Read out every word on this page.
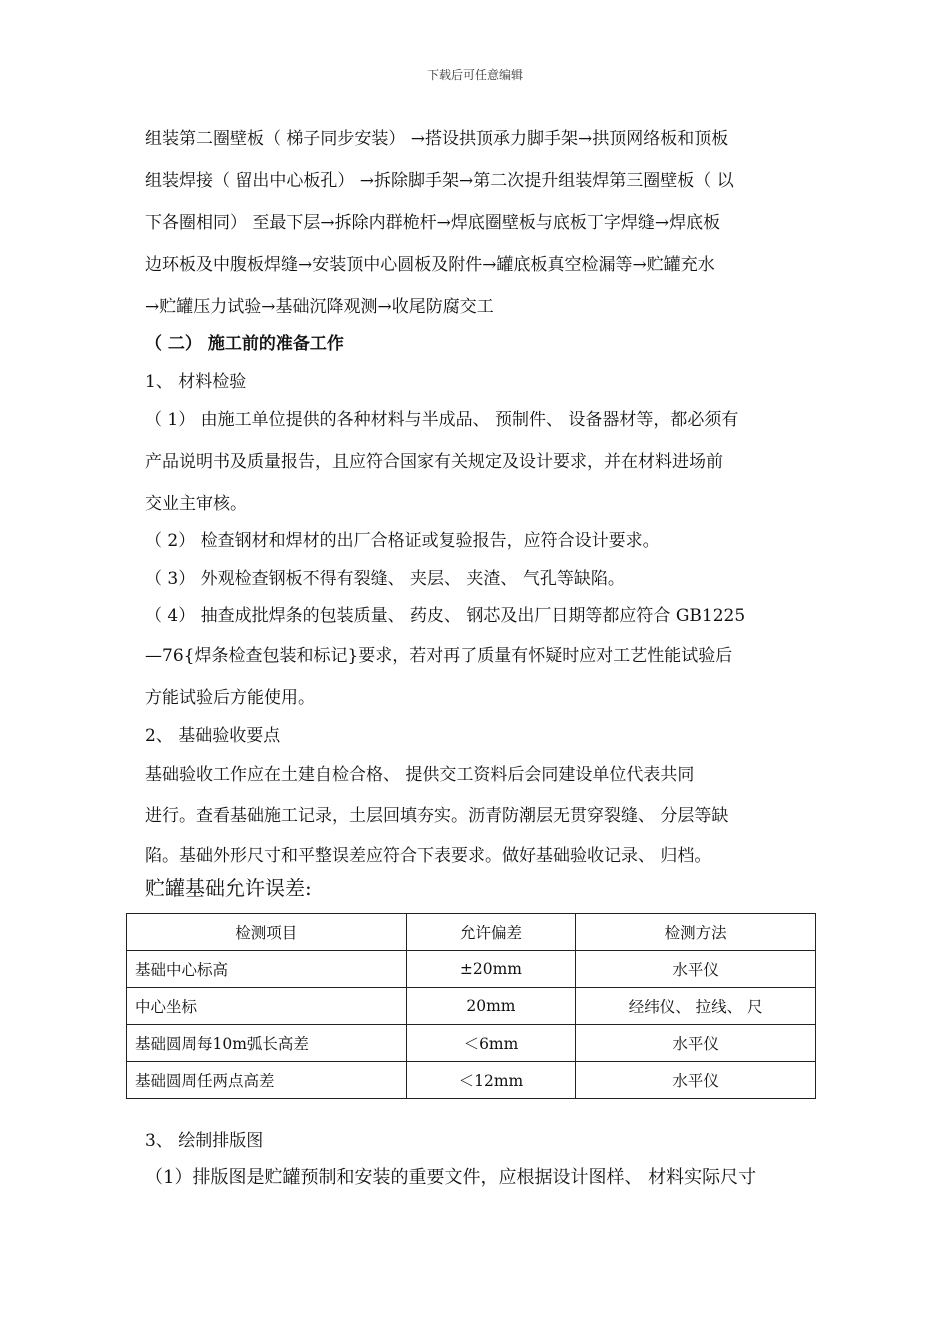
下载后可任意编辑
组装第二圈壁板（ 梯子同步安装） →搭设拱顶承力脚手架→拱顶网络板和顶板
组装焊接（ 留出中心板孔） →拆除脚手架→第二次提升组装焊第三圈壁板（ 以
下各圈相同） 至最下层→拆除内群桅杆→焊底圈壁板与底板丁字焊缝→焊底板
边环板及中腹板焊缝→安装顶中心圆板及附件→罐底板真空检漏等→贮罐充水
→贮罐压力试验→基础沉降观测→收尾防腐交工
（ 二） 施工前的准备工作
1、 材料检验
（ 1） 由施工单位提供的各种材料与半成品、 预制件、 设备器材等，都必须有
产品说明书及质量报告，且应符合国家有关规定及设计要求，并在材料进场前
交业主审核。
（ 2） 检查钢材和焊材的出厂合格证或复验报告，应符合设计要求。
（ 3） 外观检查钢板不得有裂缝、 夹层、 夹渣、 气孔等缺陷。
（ 4） 抽查成批焊条的包装质量、 药皮、 钢芯及出厂日期等都应符合 GB1225
—76{焊条检查包装和标记}要求，若对再了质量有怀疑时应对工艺性能试验后
方能试验后方能使用。
2、 基础验收要点
基础验收工作应在土建自检合格、 提供交工资料后会同建设单位代表共同
进行。查看基础施工记录，土层回填夯实。沥青防潮层无贯穿裂缝、 分层等缺
陷。基础外形尺寸和平整误差应符合下表要求。做好基础验收记录、 归档。
贮罐基础允许误差:
检测项目	允许偏差	检测方法
基础中心标高	±20mm	水平仪
中心坐标	20mm	经纬仪、 拉线、 尺
基础圆周每10m弧长高差	＜6mm	水平仪
基础圆周任两点高差	＜12mm	水平仪
3、 绘制排版图
（1）排版图是贮罐预制和安装的重要文件，应根据设计图样、 材料实际尺寸
